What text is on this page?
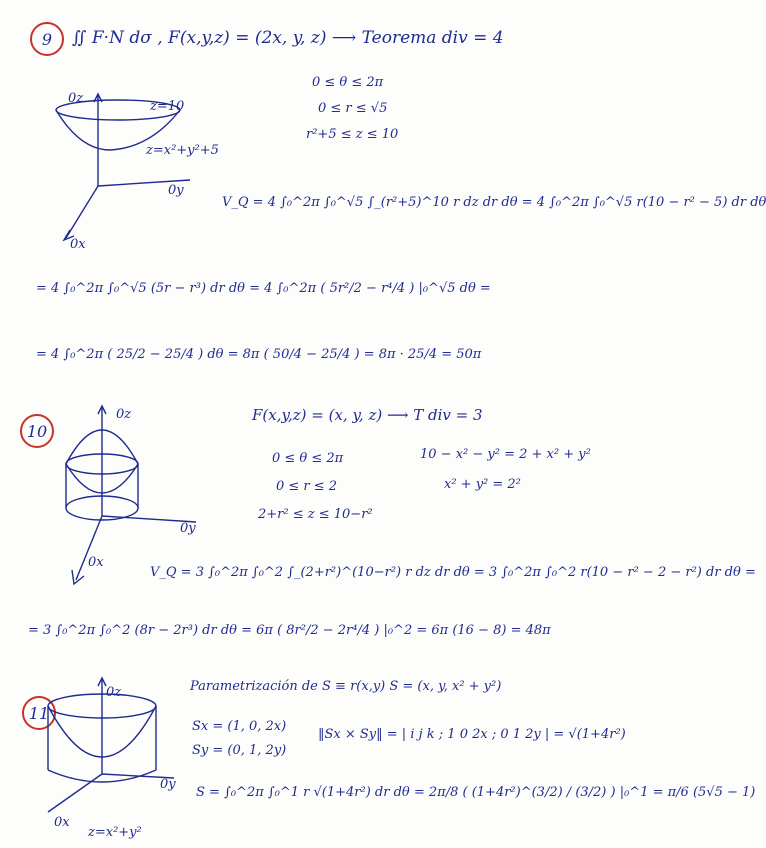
9	∬ F·N dσ , F(x,y,z) = (2x, y, z) ⟶ Teorema div = 4
0 ≤ θ ≤ 2π
0 ≤ r ≤ √5
r²+5 ≤ z ≤ 10
0z
z=10
z=x²+y²+5
0y
0x
V_Q = 4 ∫₀^2π ∫₀^√5 ∫_(r²+5)^10 r dz dr dθ = 4 ∫₀^2π ∫₀^√5 r(10 − r² − 5) dr dθ
= 4 ∫₀^2π ∫₀^√5 (5r − r³) dr dθ = 4 ∫₀^2π ( 5r²/2 − r⁴/4 ) |₀^√5 dθ =
= 4 ∫₀^2π ( 25/2 − 25/4 ) dθ = 8π ( 50/4 − 25/4 ) = 8π · 25/4 = 50π
10
F(x,y,z) = (x, y, z) ⟶ T div = 3
0 ≤ θ ≤ 2π
0 ≤ r ≤ 2
2+r² ≤ z ≤ 10−r²
10 − x² − y² = 2 + x² + y²
x² + y² = 2²
0z
0y
0x
V_Q = 3 ∫₀^2π ∫₀^2 ∫_(2+r²)^(10−r²) r dz dr dθ = 3 ∫₀^2π ∫₀^2 r(10 − r² − 2 − r²) dr dθ =
= 3 ∫₀^2π ∫₀^2 (8r − 2r³) dr dθ = 6π ( 8r²/2 − 2r⁴/4 ) |₀^2 = 6π (16 − 8) = 48π
11
Parametrización de S ≡ r(x,y) S = (x, y, x² + y²)
Sx = (1, 0, 2x)
Sy = (0, 1, 2y)
‖Sx × Sy‖ = | i j k ; 1 0 2x ; 0 1 2y | = √(1+4r²)
S = ∫₀^2π ∫₀^1 r √(1+4r²) dr dθ = 2π/8 ( (1+4r²)^(3/2) / (3/2) ) |₀^1 = π/6 (5√5 − 1)
0z
0y
0x
z=x²+y²
